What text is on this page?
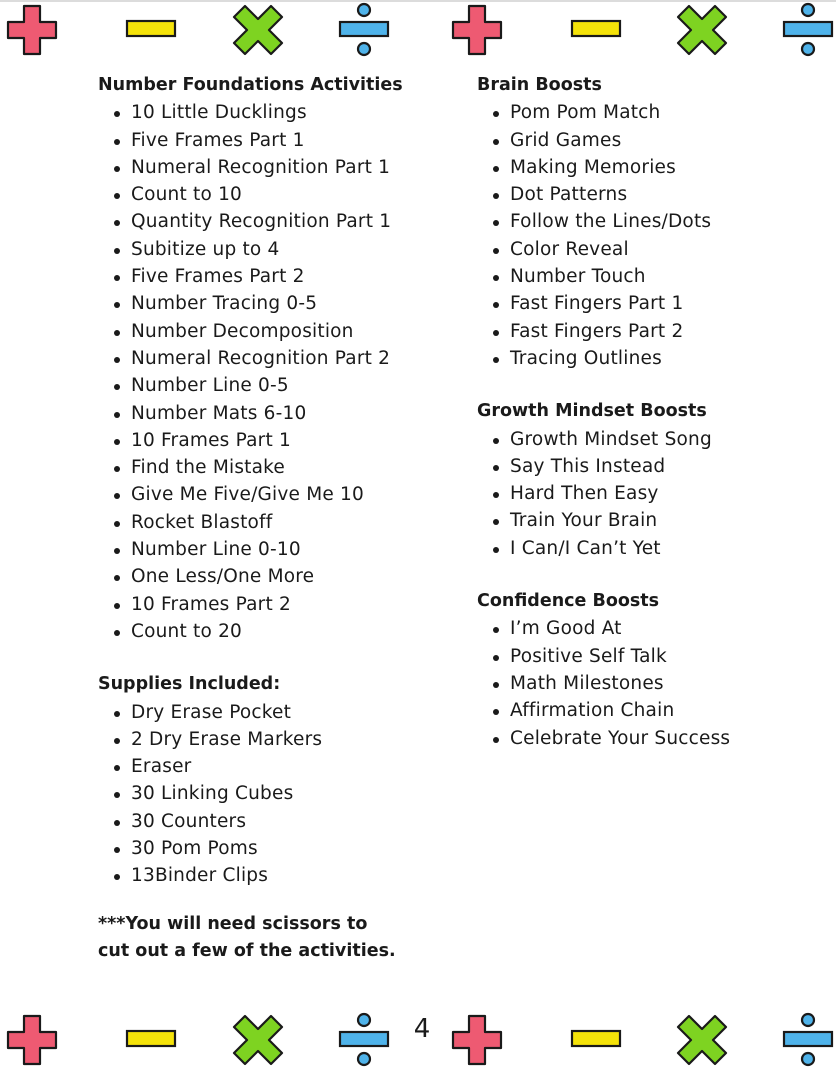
Number Foundations Activities
10 Little Ducklings
Five Frames Part 1
Numeral Recognition Part 1
Count to 10
Quantity Recognition Part 1
Subitize up to 4
Five Frames Part 2
Number Tracing 0-5
Number Decomposition
Numeral Recognition Part 2
Number Line 0-5
Number Mats 6-10
10 Frames Part 1
Find the Mistake
Give Me Five/Give Me 10
Rocket Blastoff
Number Line 0-10
One Less/One More
10 Frames Part 2
Count to 20
Supplies Included:
Dry Erase Pocket
2 Dry Erase Markers
Eraser
30 Linking Cubes
30 Counters
30 Pom Poms
13Binder Clips
***You will need scissors to cut out a few of the activities.
Brain Boosts
Pom Pom Match
Grid Games
Making Memories
Dot Patterns
Follow the Lines/Dots
Color Reveal
Number Touch
Fast Fingers Part 1
Fast Fingers Part 2
Tracing Outlines
Growth Mindset Boosts
Growth Mindset Song
Say This Instead
Hard Then Easy
Train Your Brain
I Can/I Can’t Yet
Confidence Boosts
I’m Good At
Positive Self Talk
Math Milestones
Affirmation Chain
Celebrate Your Success
4
